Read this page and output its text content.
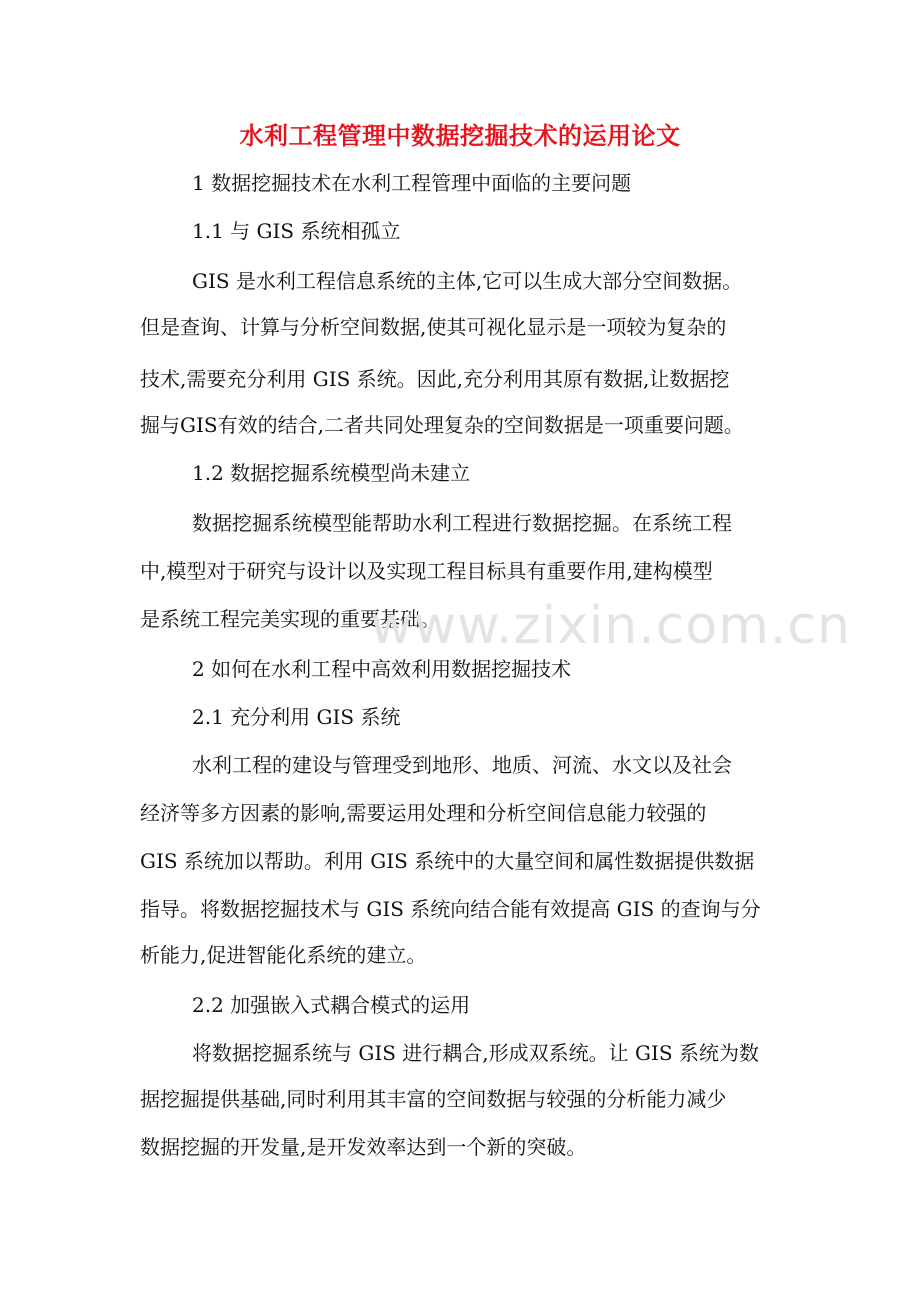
水利工程管理中数据挖掘技术的运用论文
1 数据挖掘技术在水利工程管理中面临的主要问题
1.1 与 GIS 系统相孤立
GIS 是水利工程信息系统的主体,它可以生成大部分空间数据。
但是查询、计算与分析空间数据,使其可视化显示是一项较为复杂的
技术,需要充分利用 GIS 系统。因此,充分利用其原有数据,让数据挖
掘与GIS有效的结合,二者共同处理复杂的空间数据是一项重要问题。
1.2 数据挖掘系统模型尚未建立
数据挖掘系统模型能帮助水利工程进行数据挖掘。在系统工程
中,模型对于研究与设计以及实现工程目标具有重要作用,建构模型
是系统工程完美实现的重要基础。
www.zixin.com.cn
2 如何在水利工程中高效利用数据挖掘技术
2.1 充分利用 GIS 系统
水利工程的建设与管理受到地形、地质、河流、水文以及社会
经济等多方因素的影响,需要运用处理和分析空间信息能力较强的
GIS 系统加以帮助。利用 GIS 系统中的大量空间和属性数据提供数据
指导。将数据挖掘技术与 GIS 系统向结合能有效提高 GIS 的查询与分
析能力,促进智能化系统的建立。
2.2 加强嵌入式耦合模式的运用
将数据挖掘系统与 GIS 进行耦合,形成双系统。让 GIS 系统为数
据挖掘提供基础,同时利用其丰富的空间数据与较强的分析能力减少
数据挖掘的开发量,是开发效率达到一个新的突破。
